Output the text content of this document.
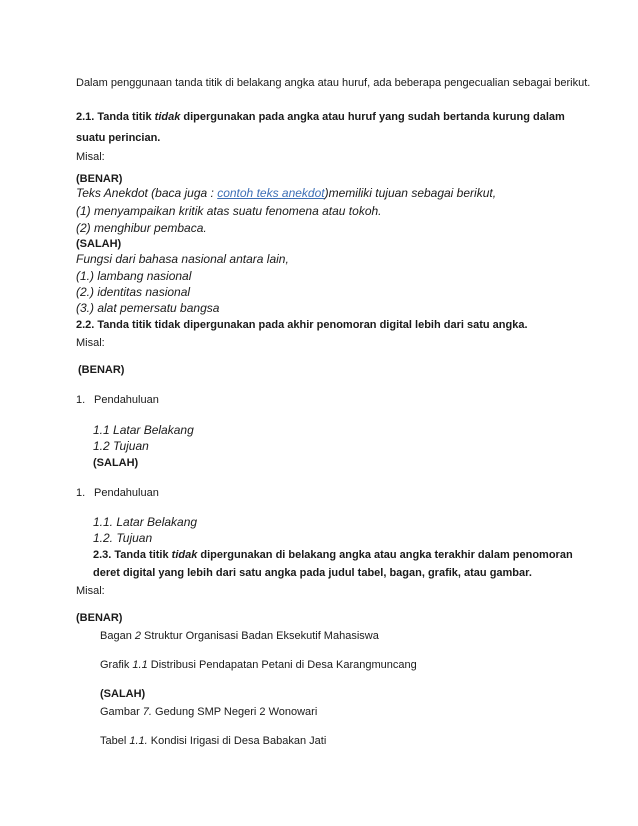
Dalam penggunaan tanda titik di belakang angka atau huruf, ada beberapa pengecualian sebagai berikut.
2.1. Tanda titik tidak dipergunakan pada angka atau huruf yang sudah bertanda kurung dalam
suatu perincian.
Misal:
(BENAR)
Teks Anekdot (baca juga : contoh teks anekdot)memiliki tujuan sebagai berikut,
(1) menyampaikan kritik atas suatu fenomena atau tokoh.
(2) menghibur pembaca.
(SALAH)
Fungsi dari bahasa nasional antara lain,
(1.) lambang nasional
(2.) identitas nasional
(3.) alat pemersatu bangsa
2.2. Tanda titik tidak dipergunakan pada akhir penomoran digital lebih dari satu angka.
Misal:
(BENAR)
1. Pendahuluan
1.1 Latar Belakang
1.2 Tujuan
(SALAH)
1. Pendahuluan
1.1. Latar Belakang
1.2. Tujuan
2.3. Tanda titik tidak dipergunakan di belakang angka atau angka terakhir dalam penomoran
deret digital yang lebih dari satu angka pada judul tabel, bagan, grafik, atau gambar.
Misal:
(BENAR)
Bagan 2 Struktur Organisasi Badan Eksekutif Mahasiswa
Grafik 1.1 Distribusi Pendapatan Petani di Desa Karangmuncang
(SALAH)
Gambar 7. Gedung SMP Negeri 2 Wonowari
Tabel 1.1. Kondisi Irigasi di Desa Babakan Jati
